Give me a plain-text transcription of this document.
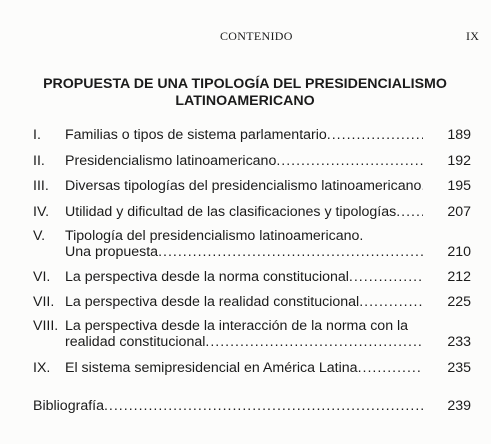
CONTENIDO	IX
PROPUESTA DE UNA TIPOLOGÍA DEL PRESIDENCIALISMO LATINOAMERICANO
I. Familias o tipos de sistema parlamentario .....	189
II. Presidencialismo latinoamericano .....	192
III. Diversas tipologías del presidencialismo latinoamericano .....	195
IV. Utilidad y dificultad de las clasificaciones y tipologías .....	207
V. Tipología del presidencialismo latinoamericano.
Una propuesta .....	210
VI. La perspectiva desde la norma constitucional .....	212
VII. La perspectiva desde la realidad constitucional .....	225
VIII. La perspectiva desde la interacción de la norma con la
realidad constitucional .....	233
IX. El sistema semipresidencial en América Latina .....	235
Bibliografía .....	239
